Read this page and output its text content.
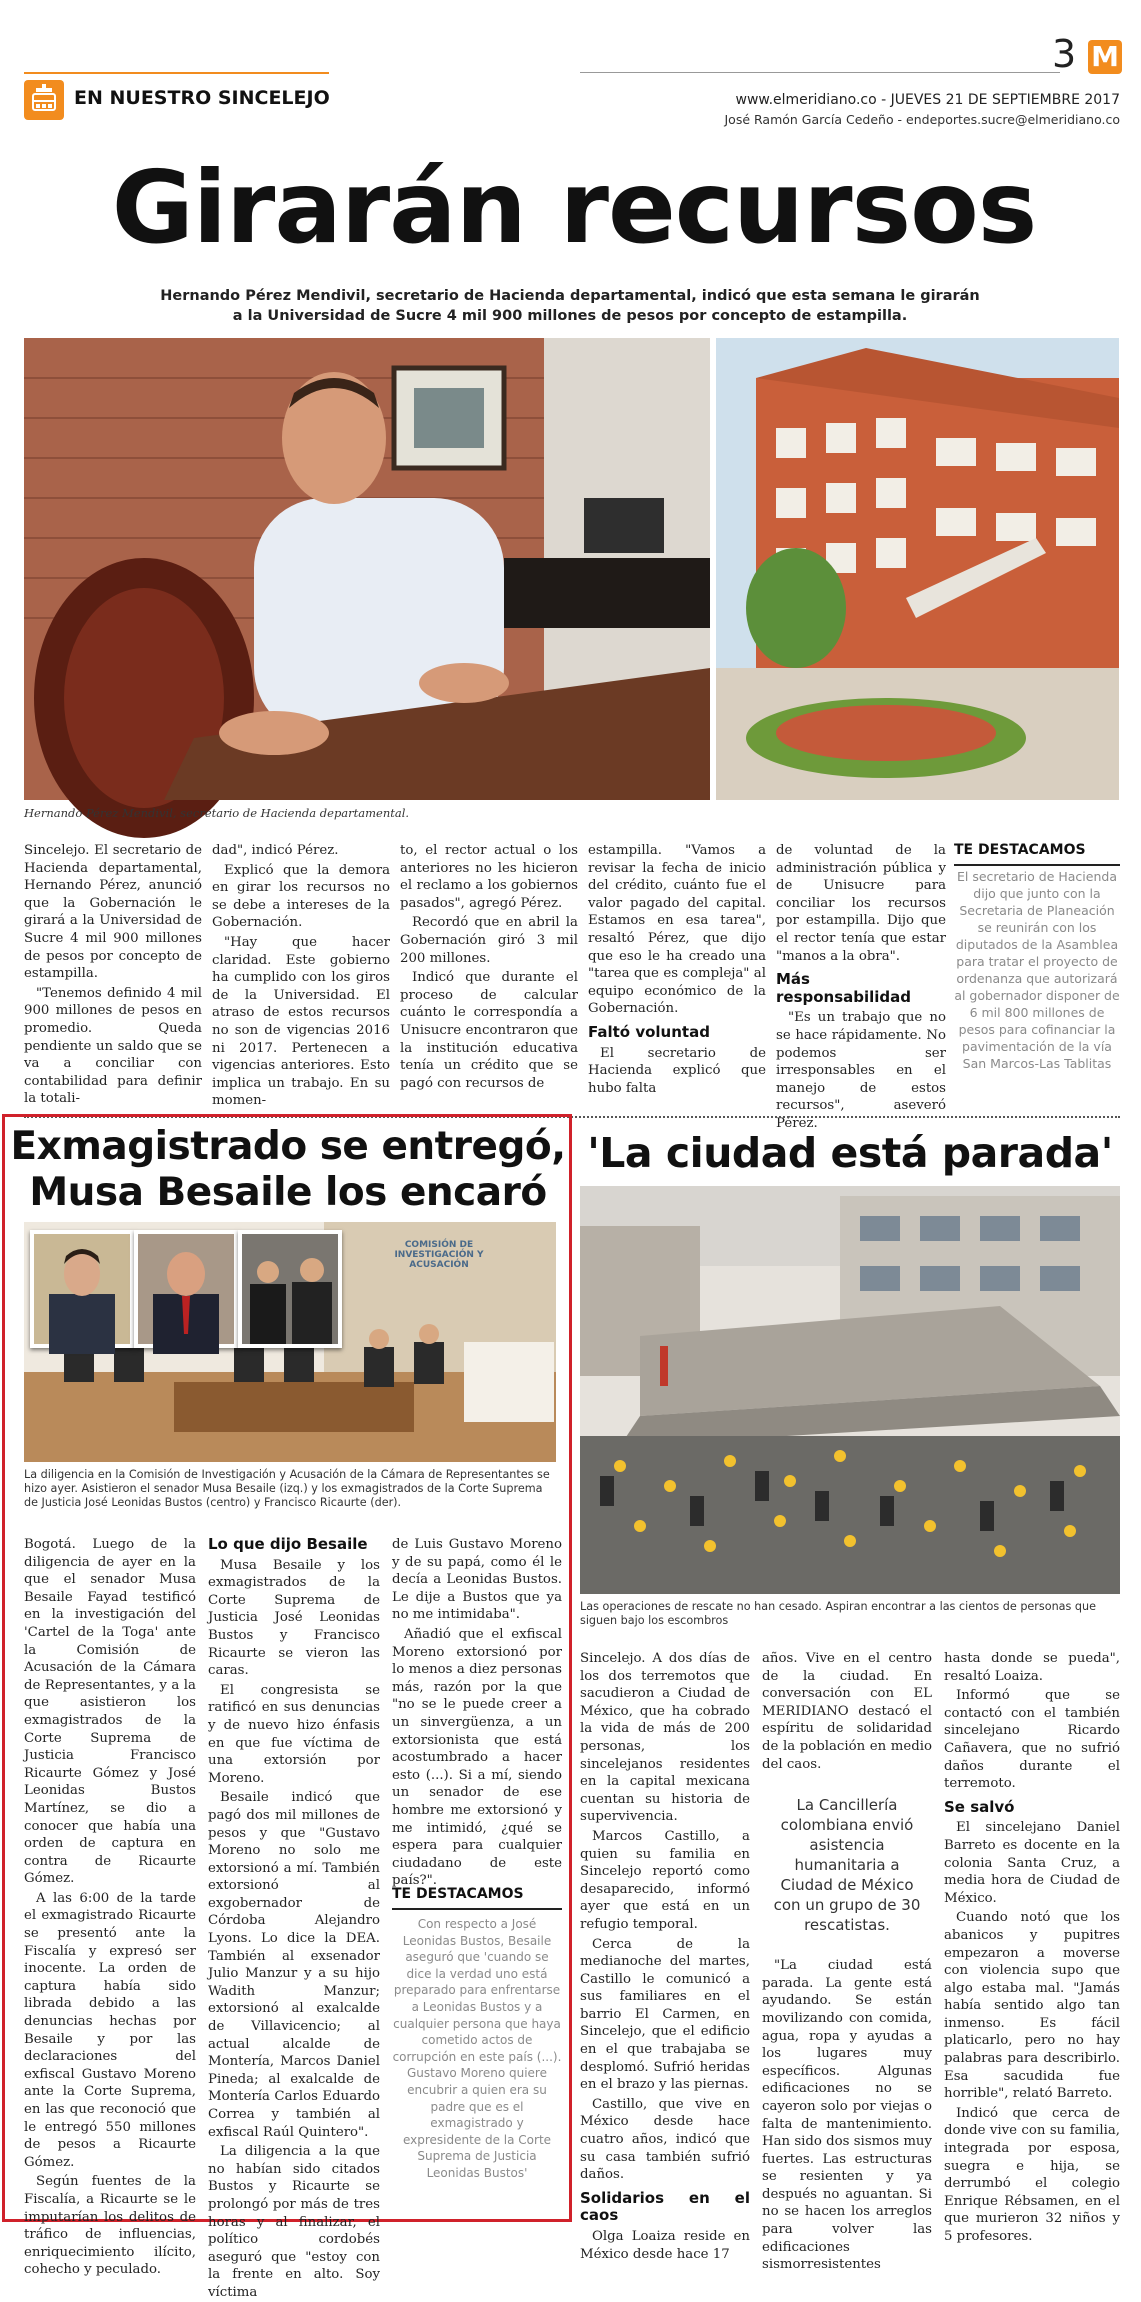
EN NUESTRO SINCELEJO
3 M
www.elmeridiano.co - JUEVES 21 DE SEPTIEMBRE 2017
José Ramón García Cedeño - endeportes.sucre@elmeridiano.co
Girarán recursos
Hernando Pérez Mendivil, secretario de Hacienda departamental, indicó que esta semana le girarán a la Universidad de Sucre 4 mil 900 millones de pesos por concepto de estampilla.
Hernando Pérez Mendivil, secretario de Hacienda departamental.

Sincelejo. El secretario de Hacienda departamental, Hernando Pérez, anunció que la Gobernación le girará a la Universidad de Sucre 4 mil 900 millones de pesos por concepto de estampilla.

"Tenemos definido 4 mil 900 millones de pesos en promedio. Queda pendiente un saldo que se va a conciliar con contabilidad para definir la totali-

dad", indicó Pérez.

Explicó que la demora en girar los recursos no se debe a intereses de la Gobernación.

"Hay que hacer claridad. Este gobierno ha cumplido con los giros de la Universidad. El atraso de estos recursos no son de vigencias 2016 ni 2017. Pertenecen a vigencias anteriores. Esto implica un trabajo. En su momen-

to, el rector actual o los anteriores no les hicieron el reclamo a los gobiernos pasados", agregó Pérez.

Recordó que en abril la Gobernación giró 3 mil 200 millones.

Indicó que durante el proceso de calcular cuánto le correspondía a Unisucre encontraron que la institución educativa tenía un crédito que se pagó con recursos de

estampilla. "Vamos a revisar la fecha de inicio del crédito, cuánto fue el valor pagado del capital. Estamos en esa tarea", resaltó Pérez, que dijo que eso le ha creado una "tarea que es compleja" al equipo económico de la Gobernación.

Faltó voluntad

El secretario de Hacienda explicó que hubo falta

de voluntad de la administración pública y de Unisucre para conciliar los recursos por estampilla. Dijo que el rector tenía que estar "manos a la obra".

Más responsabilidad

"Es un trabajo que no se hace rápidamente. No podemos ser irresponsables en el manejo de estos recursos", aseveró Pérez.

TE DESTACAMOS
El secretario de Hacienda dijo que junto con la Secretaria de Planeación se reunirán con los diputados de la Asamblea para tratar el proyecto de ordenanza que autorizará al gobernador disponer de 6 mil 800 millones de pesos para cofinanciar la pavimentación de la vía San Marcos-Las Tablitas
Exmagistrado se entregó,
Musa Besaile los encaró
COMISIÓN DE INVESTIGACIÓN Y ACUSACIÓN
La diligencia en la Comisión de Investigación y Acusación de la Cámara de Representantes se hizo ayer. Asistieron el senador Musa Besaile (izq.) y los exmagistrados de la Corte Suprema de Justicia José Leonidas Bustos (centro) y Francisco Ricaurte (der).

Bogotá. Luego de la diligencia de ayer en la que el senador Musa Besaile Fayad testificó en la investigación del 'Cartel de la Toga' ante la Comisión de Acusación de la Cámara de Representantes, y a la que asistieron los exmagistrados de la Corte Suprema de Justicia Francisco Ricaurte Gómez y José Leonidas Bustos Martínez, se dio a conocer que había una orden de captura en contra de Ricaurte Gómez.

A las 6:00 de la tarde el exmagistrado Ricaurte se presentó ante la Fiscalía y expresó ser inocente. La orden de captura había sido librada debido a las denuncias hechas por Besaile y por las declaraciones del exfiscal Gustavo Moreno ante la Corte Suprema, en las que reconoció que le entregó 550 millones de pesos a Ricaurte Gómez.

Según fuentes de la Fiscalía, a Ricaurte se le imputarían los delitos de tráfico de influencias, enriquecimiento ilícito, cohecho y peculado.

Lo que dijo Besaile

Musa Besaile y los exmagistrados de la Corte Suprema de Justicia José Leonidas Bustos y Francisco Ricaurte se vieron las caras.

El congresista se ratificó en sus denuncias y de nuevo hizo énfasis en que fue víctima de una extorsión por Moreno.

Besaile indicó que pagó dos mil millones de pesos y que "Gustavo Moreno no solo me extorsionó a mí. También extorsionó al exgobernador de Córdoba Alejandro Lyons. Lo dice la DEA. También al exsenador Julio Manzur y a su hijo Wadith Manzur; extorsionó al exalcalde de Villavicencio; al actual alcalde de Montería, Marcos Daniel Pineda; al exalcalde de Montería Carlos Eduardo Correa y también al exfiscal Raúl Quintero".

La diligencia a la que no habían sido citados Bustos y Ricaurte se prolongó por más de tres horas y al finalizar, el político cordobés aseguró que "estoy con la frente en alto. Soy víctima

de Luis Gustavo Moreno y de su papá, como él le decía a Leonidas Bustos. Le dije a Bustos que ya no me intimidaba".

Añadió que el exfiscal Moreno extorsionó por lo menos a diez personas más, razón por la que "no se le puede creer a un sinvergüenza, a un extorsionista que está acostumbrado a hacer esto (...). Si a mí, siendo un senador de ese hombre me extorsionó y me intimidó, ¿qué se espera para cualquier ciudadano de este país?".

TE DESTACAMOS
Con respecto a José Leonidas Bustos, Besaile aseguró que 'cuando se dice la verdad uno está preparado para enfrentarse a Leonidas Bustos y a cualquier persona que haya cometido actos de corrupción en este país (...). Gustavo Moreno quiere encubrir a quien era su padre que es el exmagistrado y expresidente de la Corte Suprema de Justicia Leonidas Bustos'
'La ciudad está parada'
Las operaciones de rescate no han cesado. Aspiran encontrar a las cientos de personas que siguen bajo los escombros

Sincelejo. A dos días de los dos terremotos que sacudieron a Ciudad de México, que ha cobrado la vida de más de 200 personas, los sincelejanos residentes en la capital mexicana cuentan su historia de supervivencia.

Marcos Castillo, a quien su familia en Sincelejo reportó como desaparecido, informó ayer que está en un refugio temporal.

Cerca de la medianoche del martes, Castillo le comunicó a sus familiares en el barrio El Carmen, en Sincelejo, que el edificio en el que trabajaba se desplomó. Sufrió heridas en el brazo y las piernas.

Castillo, que vive en México desde hace cuatro años, indicó que su casa también sufrió daños.

Solidarios en el caos

Olga Loaiza reside en México desde hace 17

años. Vive en el centro de la ciudad. En conversación con EL MERIDIANO destacó el espíritu de solidaridad de la población en medio del caos.

La Cancillería colombiana envió asistencia humanitaria a Ciudad de México con un grupo de 30 rescatistas.

"La ciudad está parada. La gente está ayudando. Se están movilizando con comida, agua, ropa y ayudas a los lugares muy específicos. Algunas edificaciones no se cayeron solo por viejas o falta de mantenimiento. Han sido dos sismos muy fuertes. Las estructuras se resienten y ya después no aguantan. Si no se hacen los arreglos para volver las edificaciones sismorresistentes

hasta donde se pueda", resaltó Loaiza.

Informó que se contactó con el también sincelejano Ricardo Cañavera, que no sufrió daños durante el terremoto.

Se salvó

El sincelejano Daniel Barreto es docente en la colonia Santa Cruz, a media hora de Ciudad de México.

Cuando notó que los abanicos y pupitres empezaron a moverse con violencia supo que algo estaba mal. "Jamás había sentido algo tan inmenso. Es fácil platicarlo, pero no hay palabras para describirlo. Esa sacudida fue horrible", relató Barreto.

Indicó que cerca de donde vive con su familia, integrada por esposa, suegra e hija, se derrumbó el colegio Enrique Rébsamen, en el que murieron 32 niños y 5 profesores.
